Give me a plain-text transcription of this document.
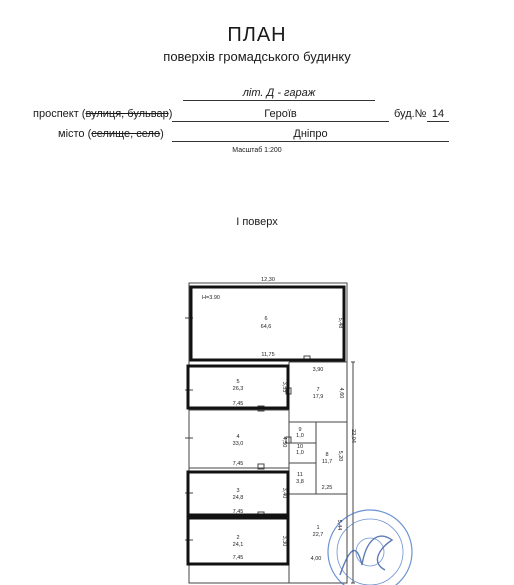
ПЛАН
поверхів громадського будинку
літ. Д - гараж
проспект (вулиця, бульвар)	Героїв	буд.№ 14
місто (селище, село)	Дніпро
Масштаб 1:200
І поверх
12,30
Н=3.90
6
64,6
5
26,3	7
17,9
4
33,0
9
1,0
10
1,0	8
11,7
11
3,8
3
24,8
2
24,1
1
22,7
11,75
3,90
7,45
7,45
2,25
7,45
7,45	4,00
5,48
3,53
4,60
22,04
4,50
5,20
3,40
5,44
3,30
